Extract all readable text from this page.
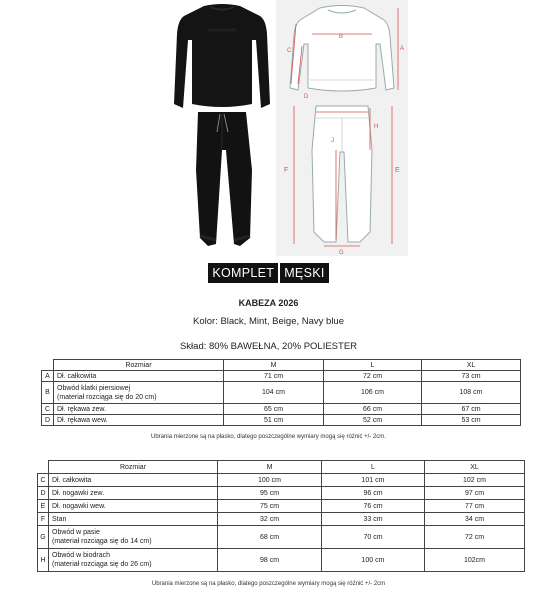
B
A
C
D
E
F
G
H
J
KOMPLET MĘSKI
KABEZA 2026
Kolor: Black, Mint, Beige, Navy blue
Skład: 80% BAWEŁNA, 20% POLIESTER
	Rozmiar	M	L	XL
A	Dł. całkowita	71 cm	72 cm	73 cm
B	Obwód klatki piersiowej
(materiał rozciąga się do 20 cm)	104 cm	106 cm	108 cm
C	Dł. rękawa zew.	65 cm	66 cm	67 cm
D	Dł. rękawa wew.	51 cm	52 cm	53 cm
Ubrania mierzone są na płasko, dlatego poszczególne wymiary mogą się różnić +/- 2cm.
	Rozmiar	M	L	XL
C	Dł. całkowita	100 cm	101 cm	102 cm
D	Dł. nogawki zew.	95 cm	96 cm	97 cm
E	Dł. nogawki wew.	75 cm	76 cm	77 cm
F	Stan	32 cm	33 cm	34 cm
G	Obwód w pasie
(materiał rozciąga się do 14 cm)	68 cm	70 cm	72 cm
H	Obwód w biodrach
(materiał rozciąga się do 26 cm)	98 cm	100 cm	102cm
Ubrania mierzone są na płasko, dlatego poszczególne wymiary mogą się różnić +/- 2cm
